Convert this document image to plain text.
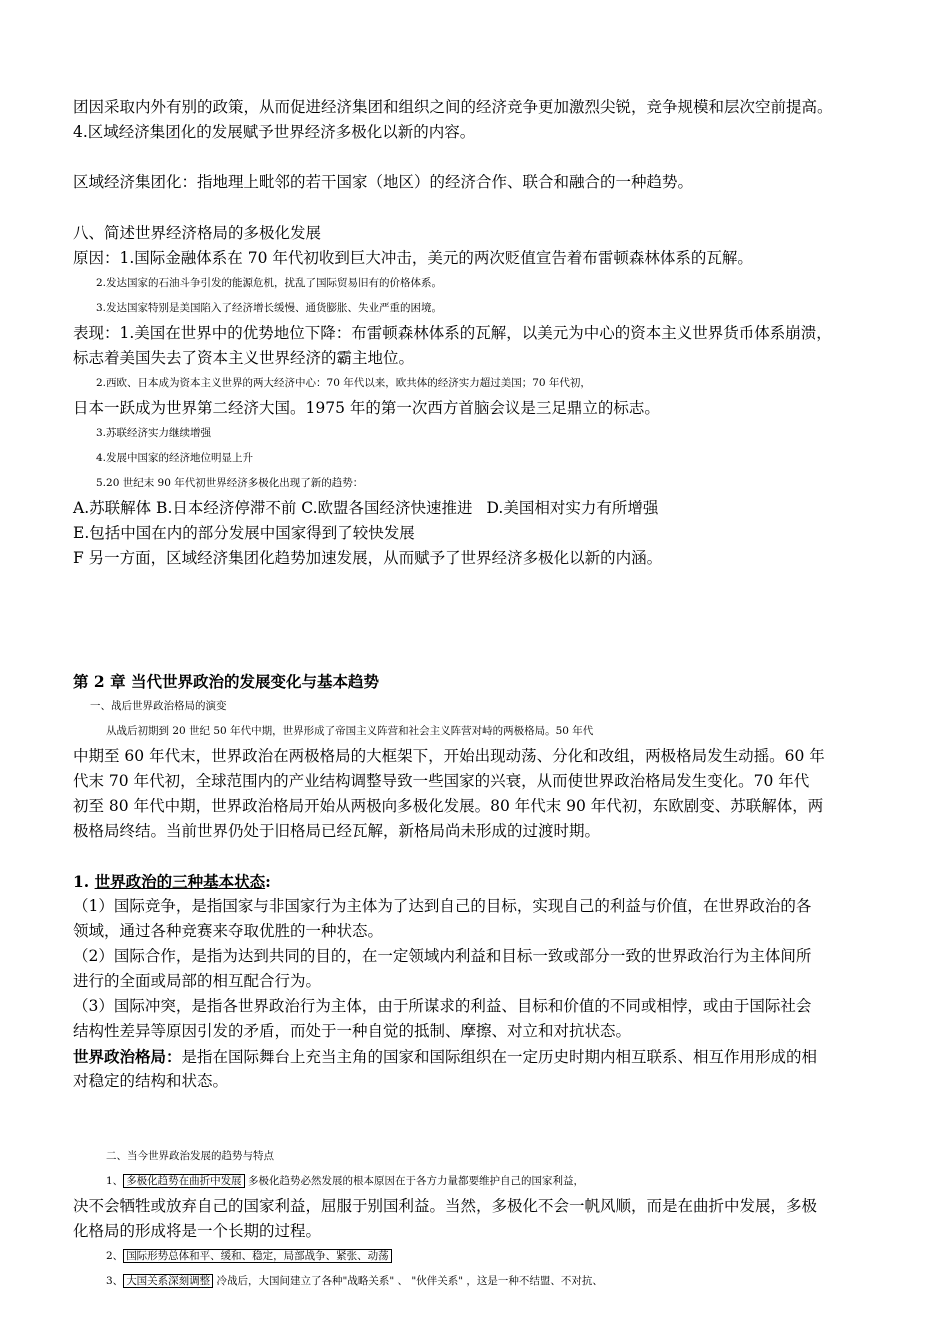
团因采取内外有别的政策，从而促进经济集团和组织之间的经济竞争更加激烈尖锐，竞争规模和层次空前提高。
4.区域经济集团化的发展赋予世界经济多极化以新的内容。
区域经济集团化：指地理上毗邻的若干国家（地区）的经济合作、联合和融合的一种趋势。
八、简述世界经济格局的多极化发展
原因：1.国际金融体系在 70 年代初收到巨大冲击，美元的两次贬值宣告着布雷顿森林体系的瓦解。
2.发达国家的石油斗争引发的能源危机，扰乱了国际贸易旧有的价格体系。
3.发达国家特别是美国陷入了经济增长缓慢、通货膨胀、失业严重的困境。
表现：1.美国在世界中的优势地位下降：布雷顿森林体系的瓦解，以美元为中心的资本主义世界货币体系崩溃，
标志着美国失去了资本主义世界经济的霸主地位。
2.西欧、日本成为资本主义世界的两大经济中心：70 年代以来，欧共体的经济实力超过美国；70 年代初，
日本一跃成为世界第二经济大国。1975 年的第一次西方首脑会议是三足鼎立的标志。
3.苏联经济实力继续增强
4.发展中国家的经济地位明显上升
5.20 世纪末 90 年代初世界经济多极化出现了新的趋势：
A.苏联解体 B.日本经济停滞不前 C.欧盟各国经济快速推进 D.美国相对实力有所增强
E.包括中国在内的部分发展中国家得到了较快发展
F 另一方面，区域经济集团化趋势加速发展，从而赋予了世界经济多极化以新的内涵。
第 2 章 当代世界政治的发展变化与基本趋势
一、战后世界政治格局的演变
从战后初期到 20 世纪 50 年代中期，世界形成了帝国主义阵营和社会主义阵营对峙的两极格局。50 年代
中期至 60 年代末，世界政治在两极格局的大框架下，开始出现动荡、分化和改组，两极格局发生动摇。60 年
代末 70 年代初，全球范围内的产业结构调整导致一些国家的兴衰，从而使世界政治格局发生变化。70 年代
初至 80 年代中期，世界政治格局开始从两极向多极化发展。80 年代末 90 年代初，东欧剧变、苏联解体，两
极格局终结。当前世界仍处于旧格局已经瓦解，新格局尚未形成的过渡时期。
1. 世界政治的三种基本状态:
（1）国际竞争，是指国家与非国家行为主体为了达到自己的目标，实现自己的利益与价值，在世界政治的各
领域，通过各种竞赛来夺取优胜的一种状态。
（2）国际合作，是指为达到共同的目的，在一定领域内利益和目标一致或部分一致的世界政治行为主体间所
进行的全面或局部的相互配合行为。
（3）国际冲突，是指各世界政治行为主体，由于所谋求的利益、目标和价值的不同或相悖，或由于国际社会
结构性差异等原因引发的矛盾，而处于一种自觉的抵制、摩擦、对立和对抗状态。
世界政治格局：是指在国际舞台上充当主角的国家和国际组织在一定历史时期内相互联系、相互作用形成的相
对稳定的结构和状态。
二、当今世界政治发展的趋势与特点
1、 多极化趋势在曲折中发展 多极化趋势必然发展的根本原因在于各方力量都要维护自己的国家利益，
决不会牺牲或放弃自己的国家利益，屈服于别国利益。当然，多极化不会一帆风顺，而是在曲折中发展，多极
化格局的形成将是一个长期的过程。
2、 国际形势总体和平、缓和、稳定，局部战争、紧张、动荡
3、 大国关系深刻调整 冷战后，大国间建立了各种"战略关系" 、 "伙伴关系" ，这是一种不结盟、不对抗、
